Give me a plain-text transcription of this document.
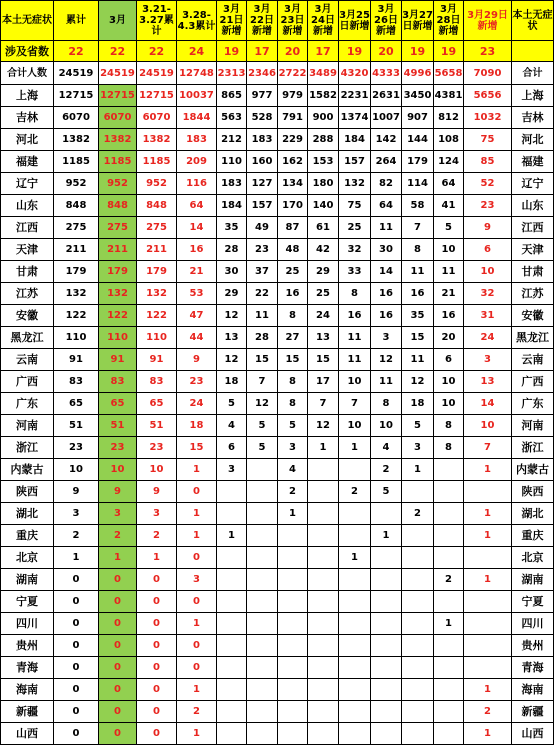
本土无症状	累计	3月	3.21-3.27累计	3.28-4.3累计	3月21日新增	3月22日新增	3月23日新增	3月24日新增	3月25日新增	3月26日新增	3月27日新增	3月28日新增	3月29日新增	本土无症状
涉及省数	22	22	22	24	19	17	20	17	19	20	19	19	23	
合计人数	24519	24519	24519	12748	2313	2346	2722	3489	4320	4333	4996	5658	7090	合计
上海	12715	12715	12715	10037	865	977	979	1582	2231	2631	3450	4381	5656	上海
吉林	6070	6070	6070	1844	563	528	791	900	1374	1007	907	812	1032	吉林
河北	1382	1382	1382	183	212	183	229	288	184	142	144	108	75	河北
福建	1185	1185	1185	209	110	160	162	153	157	264	179	124	85	福建
辽宁	952	952	952	116	183	127	134	180	132	82	114	64	52	辽宁
山东	848	848	848	64	184	157	170	140	75	64	58	41	23	山东
江西	275	275	275	14	35	49	87	61	25	11	7	5	9	江西
天津	211	211	211	16	28	23	48	42	32	30	8	10	6	天津
甘肃	179	179	179	21	30	37	25	29	33	14	11	11	10	甘肃
江苏	132	132	132	53	29	22	16	25	8	16	16	21	32	江苏
安徽	122	122	122	47	12	11	8	24	16	16	35	16	31	安徽
黑龙江	110	110	110	44	13	28	27	13	11	3	15	20	24	黑龙江
云南	91	91	91	9	12	15	15	15	11	12	11	6	3	云南
广西	83	83	83	23	18	7	8	17	10	11	12	10	13	广西
广东	65	65	65	24	5	12	8	7	7	8	18	10	14	广东
河南	51	51	51	18	4	5	5	12	10	10	5	8	10	河南
浙江	23	23	23	15	6	5	3	1	1	4	3	8	7	浙江
内蒙古	10	10	10	1	3		4			2	1		1	内蒙古
陕西	9	9	9	0			2		2	5				陕西
湖北	3	3	3	1			1				2		1	湖北
重庆	2	2	2	1	1					1			1	重庆
北京	1	1	1	0					1					北京
湖南	0	0	0	3								2	1	湖南
宁夏	0	0	0	0										宁夏
四川	0	0	0	1								1		四川
贵州	0	0	0	0										贵州
青海	0	0	0	0										青海
海南	0	0	0	1									1	海南
新疆	0	0	0	2									2	新疆
山西	0	0	0	1									1	山西
